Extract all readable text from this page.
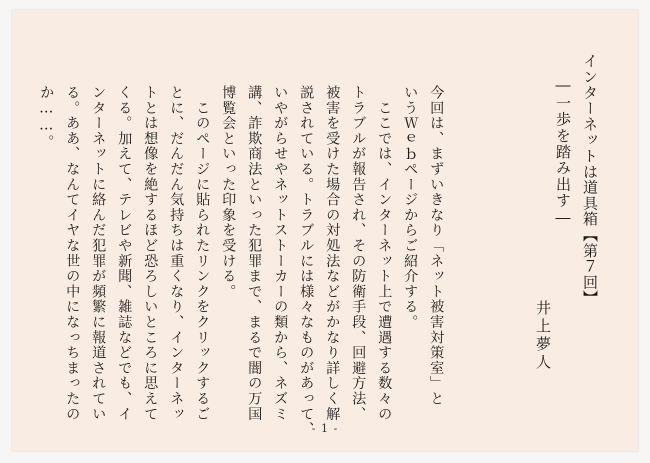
インターネットは道具箱【第７回】
―一歩を踏み出す―
井上夢人
今回は、まずいきなり「ネット被害対策室」と
いうＷｅｂページからご紹介する。
　ここでは、インターネット上で遭遇する数々の
トラブルが報告され、その防衛手段、回避方法、
被害を受けた場合の対処法などがかなり詳しく解
説されている。トラブルには様々なものがあって、
いやがらせやネットストーカーの類から、ネズミ
講、詐欺商法といった犯罪まで、まるで闇の万国
博覧会といった印象を受ける。
　このページに貼られたリンクをクリックするご
とに、だんだん気持ちは重くなり、インターネッ
トとは想像を絶するほど恐ろしいところに思えて
くる。加えて、テレビや新聞、雑誌などでも、イ
ンターネットに絡んだ犯罪が頻繁に報道されてい
る。ああ、なんてイヤな世の中になっちまったの
か……。
- 1 -
